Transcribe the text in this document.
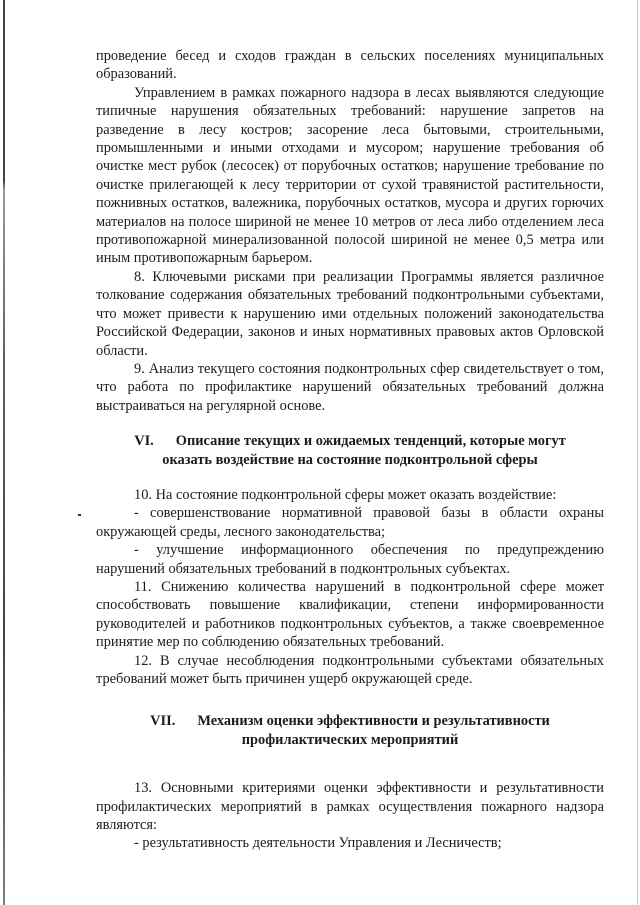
проведение бесед и сходов граждан в сельских поселениях муниципальных образований.

Управлением в рамках пожарного надзора в лесах выявляются следующие типичные нарушения обязательных требований: нарушение запретов на разведение в лесу костров; засорение леса бытовыми, строительными, промышленными и иными отходами и мусором; нарушение требования об очистке мест рубок (лесосек) от порубочных остатков; нарушение требование по очистке прилегающей к лесу территории от сухой травянистой растительности, пожнивных остатков, валежника, порубочных остатков, мусора и других горючих материалов на полосе шириной не менее 10 метров от леса либо отделением леса противопожарной минерализованной полосой шириной не менее 0,5 метра или иным противопожарным барьером.

8. Ключевыми рисками при реализации Программы является различное толкование содержания обязательных требований подконтрольными субъектами, что может привести к нарушению ими отдельных положений законодательства Российской Федерации, законов и иных нормативных правовых актов Орловской области.

9. Анализ текущего состояния подконтрольных сфер свидетельствует о том, что работа по профилактике нарушений обязательных требований должна выстраиваться на регулярной основе.

VI. Описание текущих и ожидаемых тенденций, которые могут

оказать воздействие на состояние подконтрольной сферы

10. На состояние подконтрольной сферы может оказать воздействие:

- совершенствование нормативной правовой базы в области охраны окружающей среды, лесного законодательства;

- улучшение информационного обеспечения по предупреждению нарушений обязательных требований в подконтрольных субъектах.

11. Снижению количества нарушений в подконтрольной сфере может способствовать повышение квалификации, степени информированности руководителей и работников подконтрольных субъектов, а также своевременное принятие мер по соблюдению обязательных требований.

12. В случае несоблюдения подконтрольными субъектами обязательных требований может быть причинен ущерб окружающей среде.

VII. Механизм оценки эффективности и результативности

профилактических мероприятий

13. Основными критериями оценки эффективности и результативности профилактических мероприятий в рамках осуществления пожарного надзора являются:

- результативность деятельности Управления и Лесничеств;
